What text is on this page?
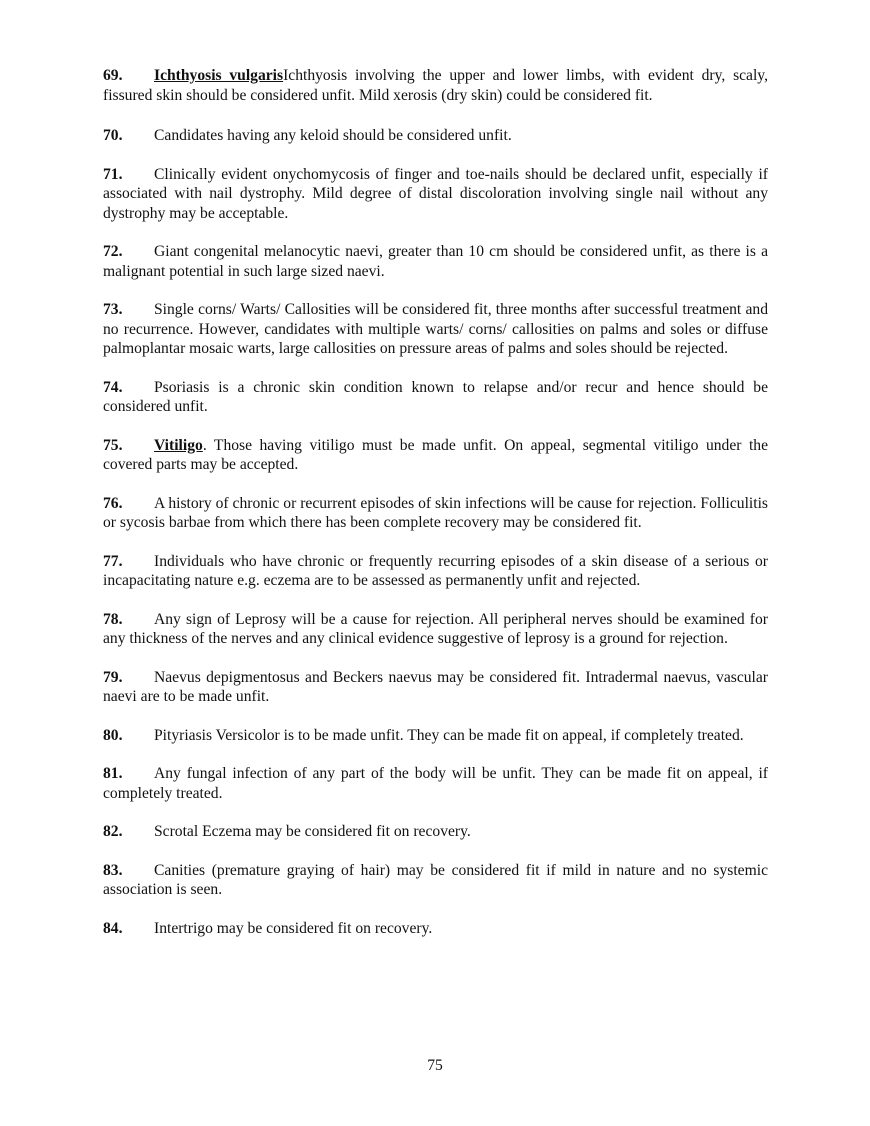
69. Ichthyosis vulgarisIchthyosis involving the upper and lower limbs, with evident dry, scaly, fissured skin should be considered unfit. Mild xerosis (dry skin) could be considered fit.

70. Candidates having any keloid should be considered unfit.

71. Clinically evident onychomycosis of finger and toe-nails should be declared unfit, especially if associated with nail dystrophy. Mild degree of distal discoloration involving single nail without any dystrophy may be acceptable.

72. Giant congenital melanocytic naevi, greater than 10 cm should be considered unfit, as there is a malignant potential in such large sized naevi.

73. Single corns/ Warts/ Callosities will be considered fit, three months after successful treatment and no recurrence. However, candidates with multiple warts/ corns/ callosities on palms and soles or diffuse palmoplantar mosaic warts, large callosities on pressure areas of palms and soles should be rejected.

74. Psoriasis is a chronic skin condition known to relapse and/or recur and hence should be considered unfit.

75. Vitiligo. Those having vitiligo must be made unfit. On appeal, segmental vitiligo under the covered parts may be accepted.

76. A history of chronic or recurrent episodes of skin infections will be cause for rejection. Folliculitis or sycosis barbae from which there has been complete recovery may be considered fit.

77. Individuals who have chronic or frequently recurring episodes of a skin disease of a serious or incapacitating nature e.g. eczema are to be assessed as permanently unfit and rejected.

78. Any sign of Leprosy will be a cause for rejection. All peripheral nerves should be examined for any thickness of the nerves and any clinical evidence suggestive of leprosy is a ground for rejection.

79. Naevus depigmentosus and Beckers naevus may be considered fit. Intradermal naevus, vascular naevi are to be made unfit.

80. Pityriasis Versicolor is to be made unfit. They can be made fit on appeal, if completely treated.

81. Any fungal infection of any part of the body will be unfit. They can be made fit on appeal, if completely treated.

82. Scrotal Eczema may be considered fit on recovery.

83. Canities (premature graying of hair) may be considered fit if mild in nature and no systemic association is seen.

84. Intertrigo may be considered fit on recovery.

75
